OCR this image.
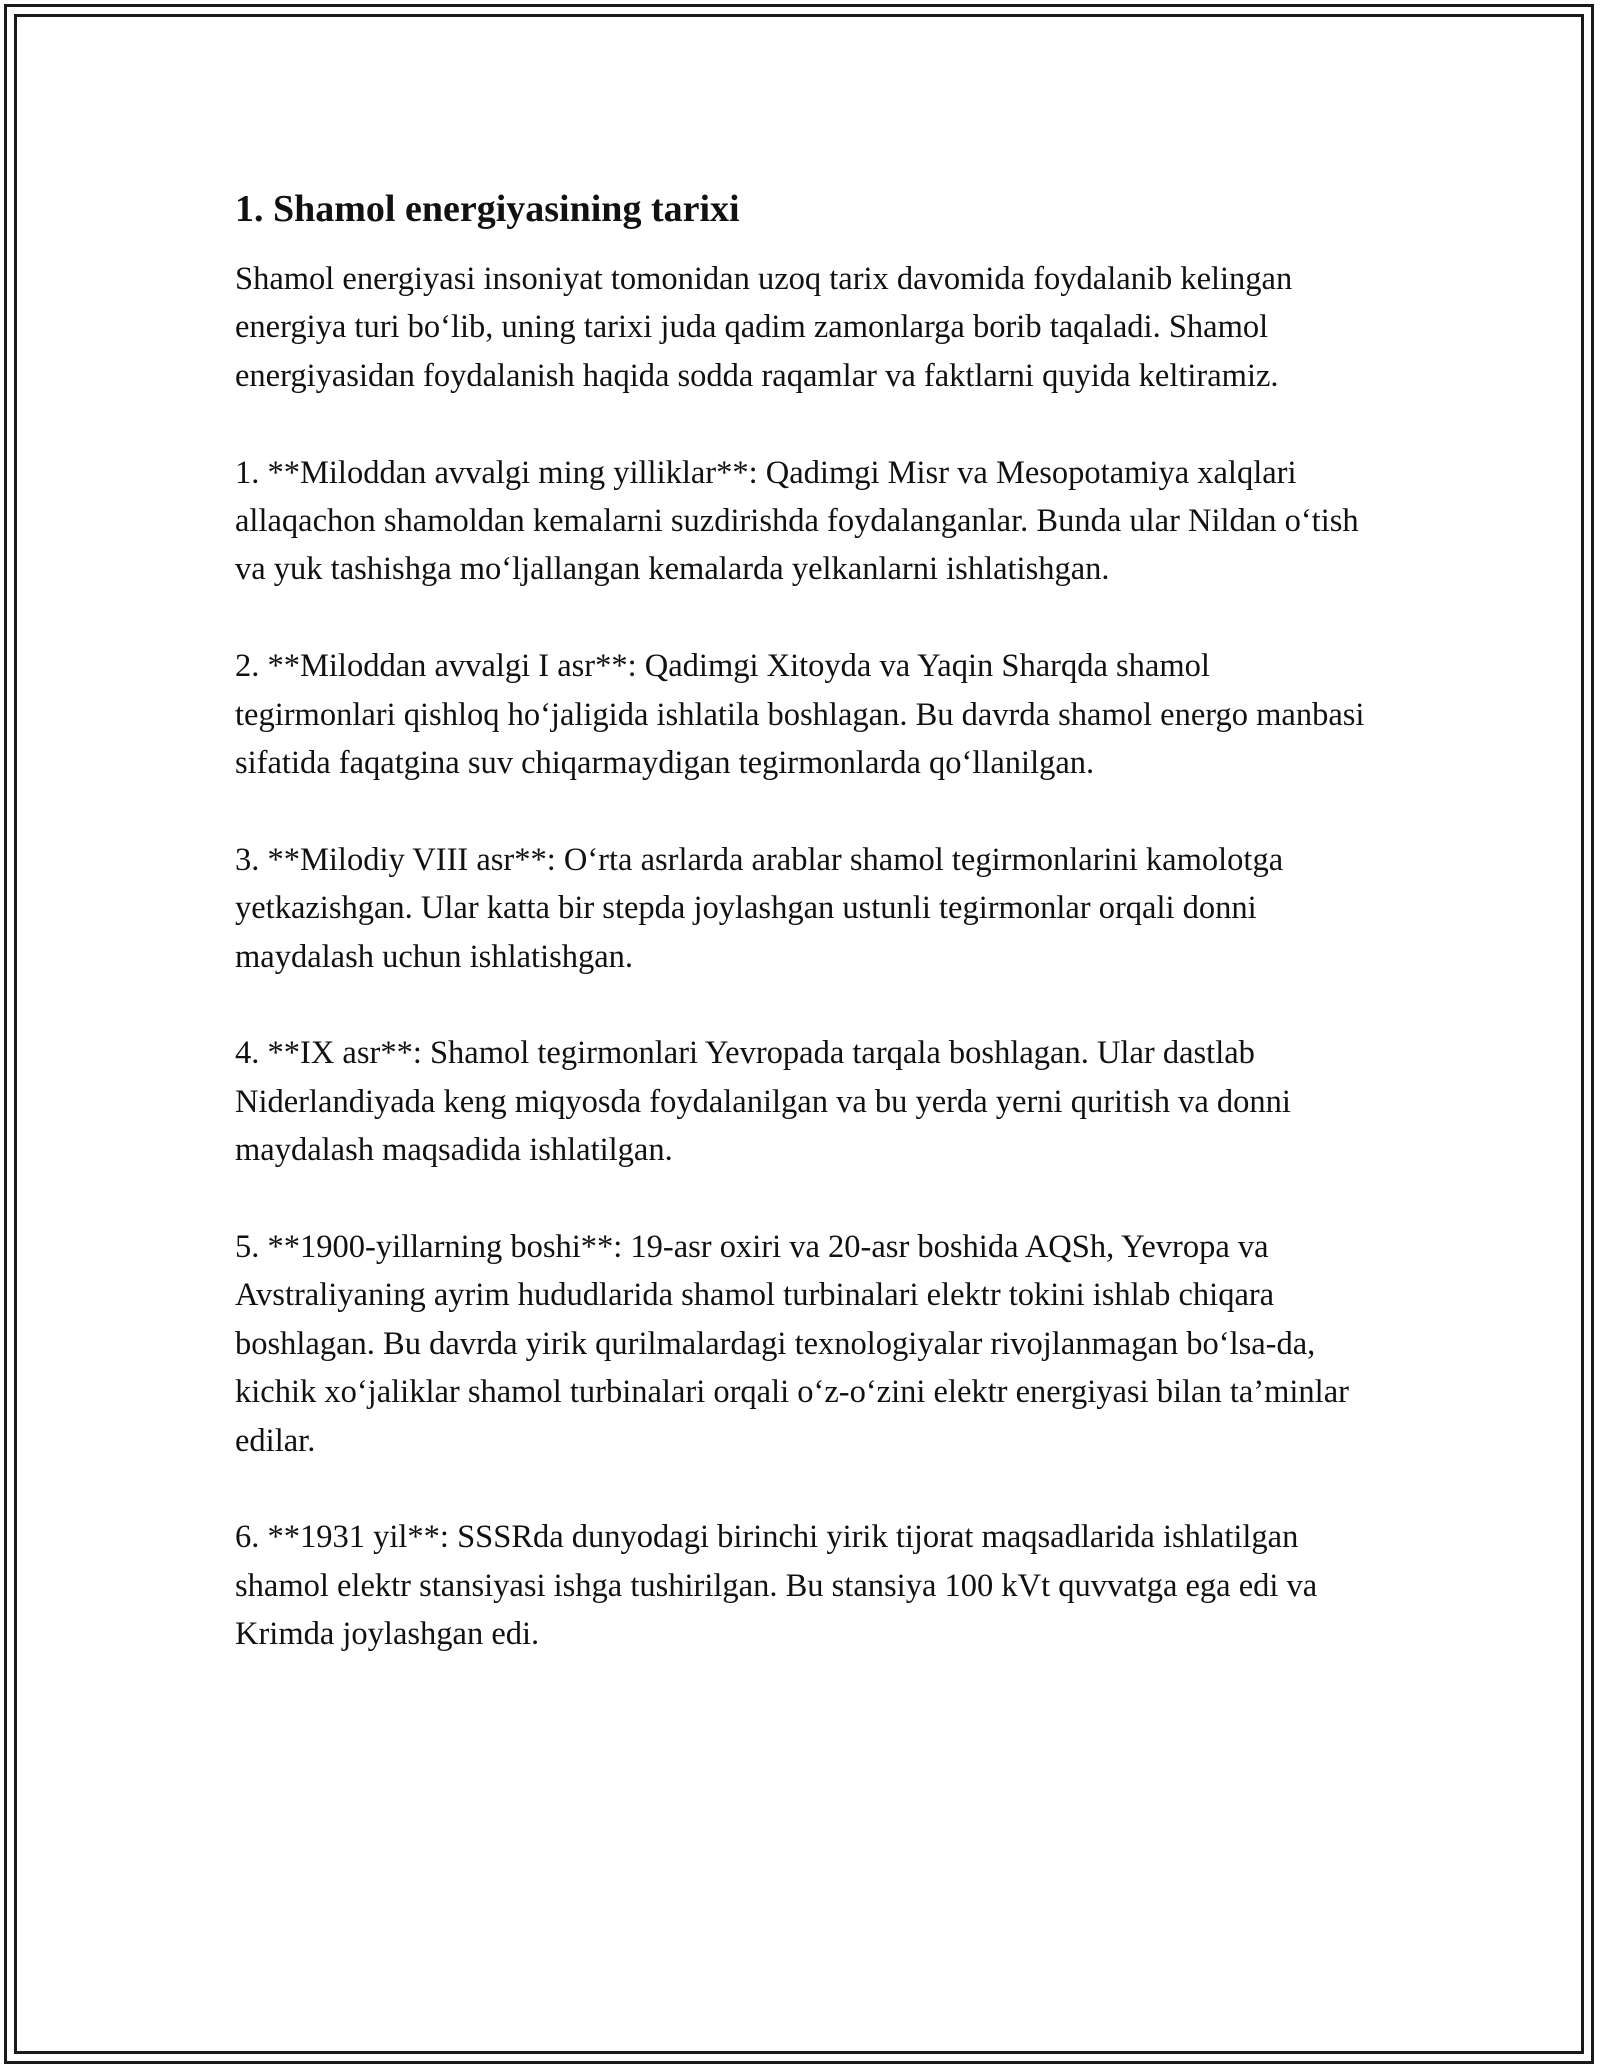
1. Shamol energiyasining tarixi

Shamol energiyasi insoniyat tomonidan uzoq tarix davomida foydalanib kelingan energiya turi bo‘lib, uning tarixi juda qadim zamonlarga borib taqaladi. Shamol energiyasidan foydalanish haqida sodda raqamlar va faktlarni quyida keltiramiz.

1. **Miloddan avvalgi ming yilliklar**: Qadimgi Misr va Mesopotamiya xalqlari allaqachon shamoldan kemalarni suzdirishda foydalanganlar. Bunda ular Nildan o‘tish va yuk tashishga mo‘ljallangan kemalarda yelkanlarni ishlatishgan.

2. **Miloddan avvalgi I asr**: Qadimgi Xitoyda va Yaqin Sharqda shamol tegirmonlari qishloq ho‘jaligida ishlatila boshlagan. Bu davrda shamol energo manbasi sifatida faqatgina suv chiqarmaydigan tegirmonlarda qo‘llanilgan.

3. **Milodiy VIII asr**: O‘rta asrlarda arablar shamol tegirmonlarini kamolotga yetkazishgan. Ular katta bir stepda joylashgan ustunli tegirmonlar orqali donni maydalash uchun ishlatishgan.

4. **IX asr**: Shamol tegirmonlari Yevropada tarqala boshlagan. Ular dastlab Niderlandiyada keng miqyosda foydalanilgan va bu yerda yerni quritish va donni maydalash maqsadida ishlatilgan.

5. **1900-yillarning boshi**: 19-asr oxiri va 20-asr boshida AQSh, Yevropa va Avstraliyaning ayrim hududlarida shamol turbinalari elektr tokini ishlab chiqara boshlagan. Bu davrda yirik qurilmalardagi texnologiyalar rivojlanmagan bo‘lsa-da, kichik xo‘jaliklar shamol turbinalari orqali o‘z-o‘zini elektr energiyasi bilan ta’minlar edilar.

6. **1931 yil**: SSSRda dunyodagi birinchi yirik tijorat maqsadlarida ishlatilgan shamol elektr stansiyasi ishga tushirilgan. Bu stansiya 100 kVt quvvatga ega edi va Krimda joylashgan edi.
